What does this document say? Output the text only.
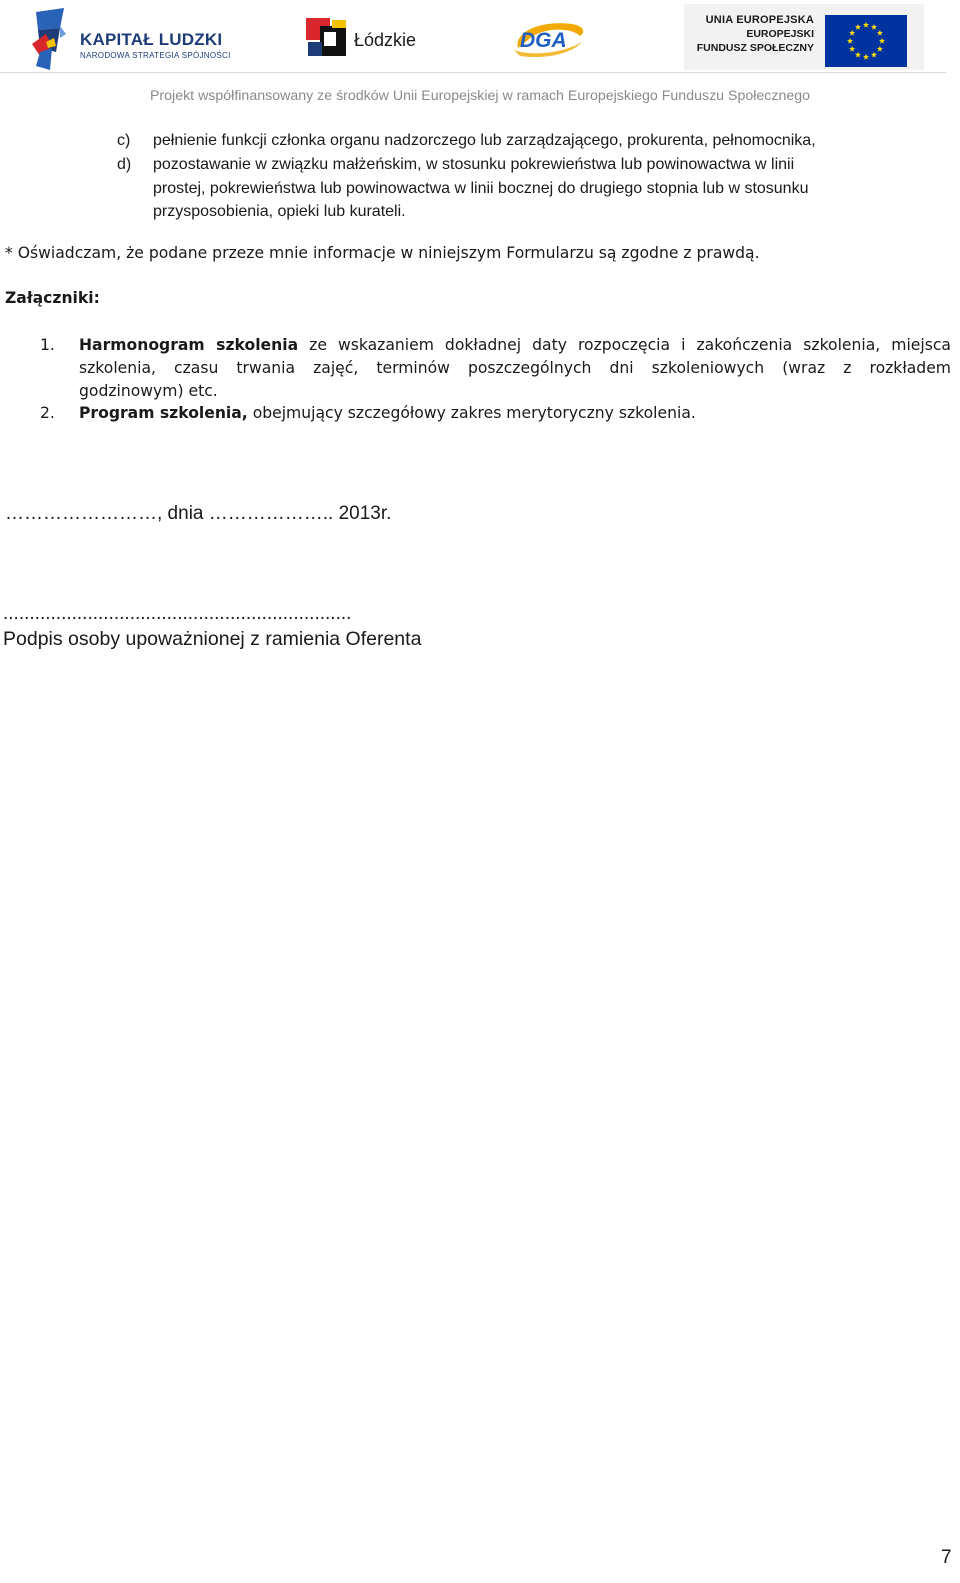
KAPITAŁ LUDZKI
NARODOWA STRATEGIA SPÓJNOŚCI
Łódzkie	DGA
UNIA EUROPEJSKA
EUROPEJSKI
FUNDUSZ SPOŁECZNY
Projekt współfinansowany ze środków Unii Europejskiej w ramach Europejskiego Funduszu Społecznego
c) pełnienie funkcji członka organu nadzorczego lub zarządzającego, prokurenta, pełnomocnika,
d) pozostawanie w związku małżeńskim, w stosunku pokrewieństwa lub powinowactwa w linii
prostej, pokrewieństwa lub powinowactwa w linii bocznej do drugiego stopnia lub w stosunku
przysposobienia, opieki lub kurateli.
* Oświadczam, że podane przeze mnie informacje w niniejszym Formularzu są zgodne z prawdą.
Załączniki:
1. Harmonogram szkolenia ze wskazaniem dokładnej daty rozpoczęcia i zakończenia szkolenia, miejsca
szkolenia, czasu trwania zajęć, terminów poszczególnych dni szkoleniowych (wraz z rozkładem
godzinowym) etc.
2. Program szkolenia, obejmujący szczegółowy zakres merytoryczny szkolenia.
……………………, dnia ……………….. 2013r.
..................................................................
Podpis osoby upoważnionej z ramienia Oferenta
7
